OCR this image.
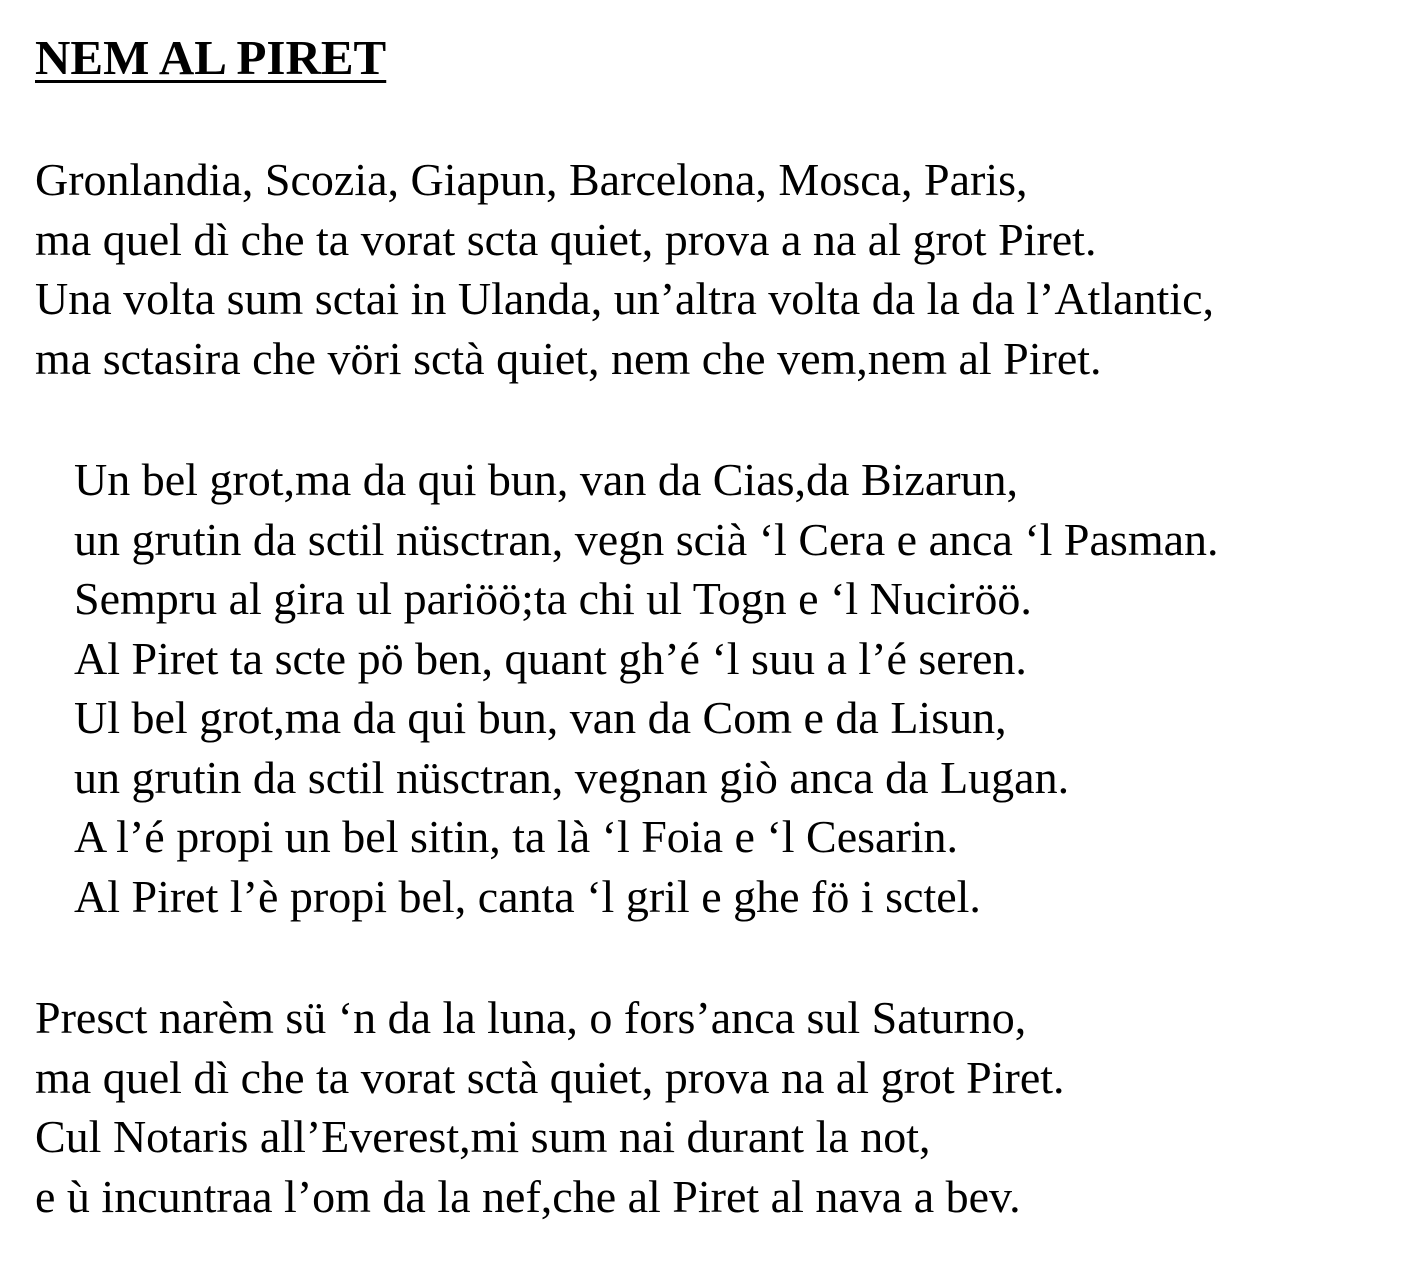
NEM AL PIRET
Gronlandia, Scozia, Giapun, Barcelona, Mosca, Paris,
ma quel dì che ta vorat scta quiet, prova a na al grot Piret.
Una volta sum sctai in Ulanda, un’altra volta da la da l’Atlantic,
ma sctasira che vöri sctà quiet, nem che vem,nem al Piret.
Un bel grot,ma da qui bun, van da Cias,da Bizarun,
un grutin da sctil nüsctran, vegn scià ‘l Cera e anca ‘l Pasman.
Sempru al gira ul pariöö;ta chi ul Togn e ‘l Nuciröö.
Al Piret ta scte pö ben, quant gh’é ‘l suu a l’é seren.
Ul bel grot,ma da qui bun, van da Com e da Lisun,
un grutin da sctil nüsctran, vegnan giò anca da Lugan.
A l’é propi un bel sitin, ta là ‘l Foia e ‘l Cesarin.
Al Piret l’è propi bel, canta ‘l gril e ghe fö i sctel.
Presct narèm sü ‘n da la luna, o fors’anca sul Saturno,
ma quel dì che ta vorat sctà quiet, prova na al grot Piret.
Cul Notaris all’Everest,mi sum nai durant la not,
e ù incuntraa l’om da la nef,che al Piret al nava a bev.
